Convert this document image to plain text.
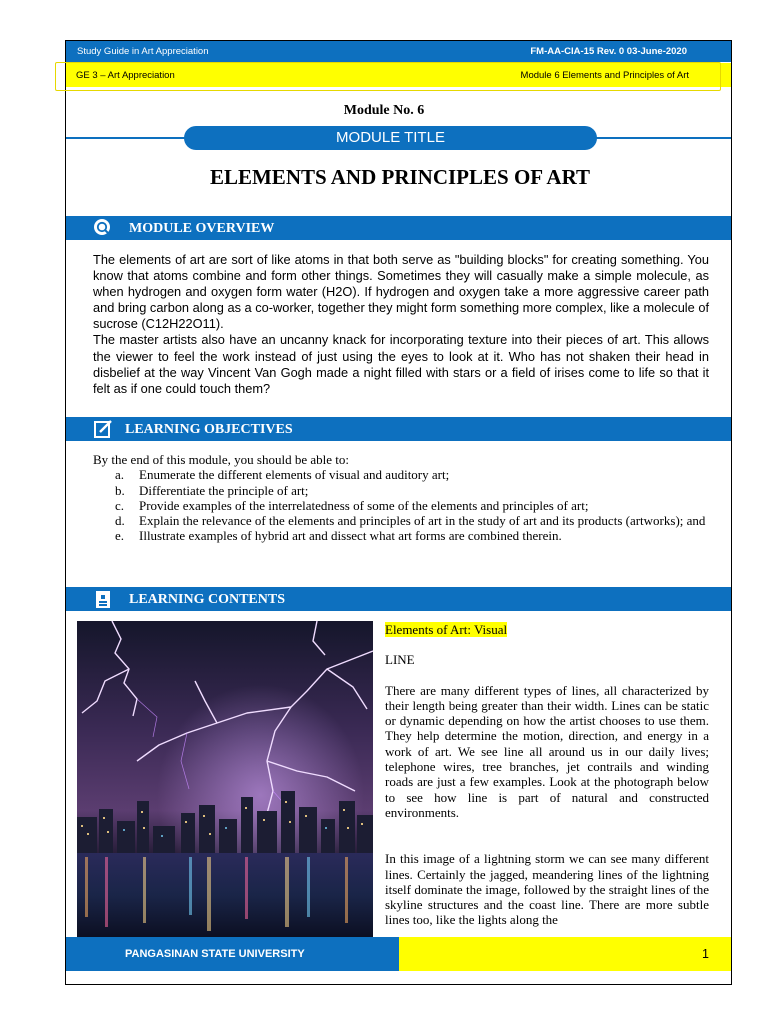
Study Guide in Art Appreciation	FM-AA-CIA-15 Rev. 0 03-June-2020
GE 3 – Art Appreciation	Module 6 Elements and Principles of Art
Module No. 6
MODULE TITLE
ELEMENTS AND PRINCIPLES OF ART
MODULE OVERVIEW

The elements of art are sort of like atoms in that both serve as "building blocks" for creating something. You know that atoms combine and form other things. Sometimes they will casually make a simple molecule, as when hydrogen and oxygen form water (H2O). If hydrogen and oxygen take a more aggressive career path and bring carbon along as a co-worker, together they might form something more complex, like a molecule of sucrose (C12H22O11).

The master artists also have an uncanny knack for incorporating texture into their pieces of art. This allows the viewer to feel the work instead of just using the eyes to look at it. Who has not shaken their head in disbelief at the way Vincent Van Gogh made a night filled with stars or a field of irises come to life so that it felt as if one could touch them?

LEARNING OBJECTIVES

By the end of this module, you should be able to:

a. Enumerate the different elements of visual and auditory art;
b. Differentiate the principle of art;
c. Provide examples of the interrelatedness of some of the elements and principles of art;
d. Explain the relevance of the elements and principles of art in the study of art and its products (artworks); and
e. Illustrate examples of hybrid art and dissect what art forms are combined therein.
LEARNING CONTENTS

Elements of Art: Visual

LINE

There are many different types of lines, all characterized by their length being greater than their width. Lines can be static or dynamic depending on how the artist chooses to use them. They help determine the motion, direction, and energy in a work of art. We see line all around us in our daily lives; telephone wires, tree branches, jet contrails and winding roads are just a few examples. Look at the photograph below to see how line is part of natural and constructed environments.

In this image of a lightning storm we can see many different lines. Certainly the jagged, meandering lines of the lightning itself dominate the image, followed by the straight lines of the skyline structures and the coast line. There are more subtle lines too, like the lights along the

PANGASINAN STATE UNIVERSITY	1
